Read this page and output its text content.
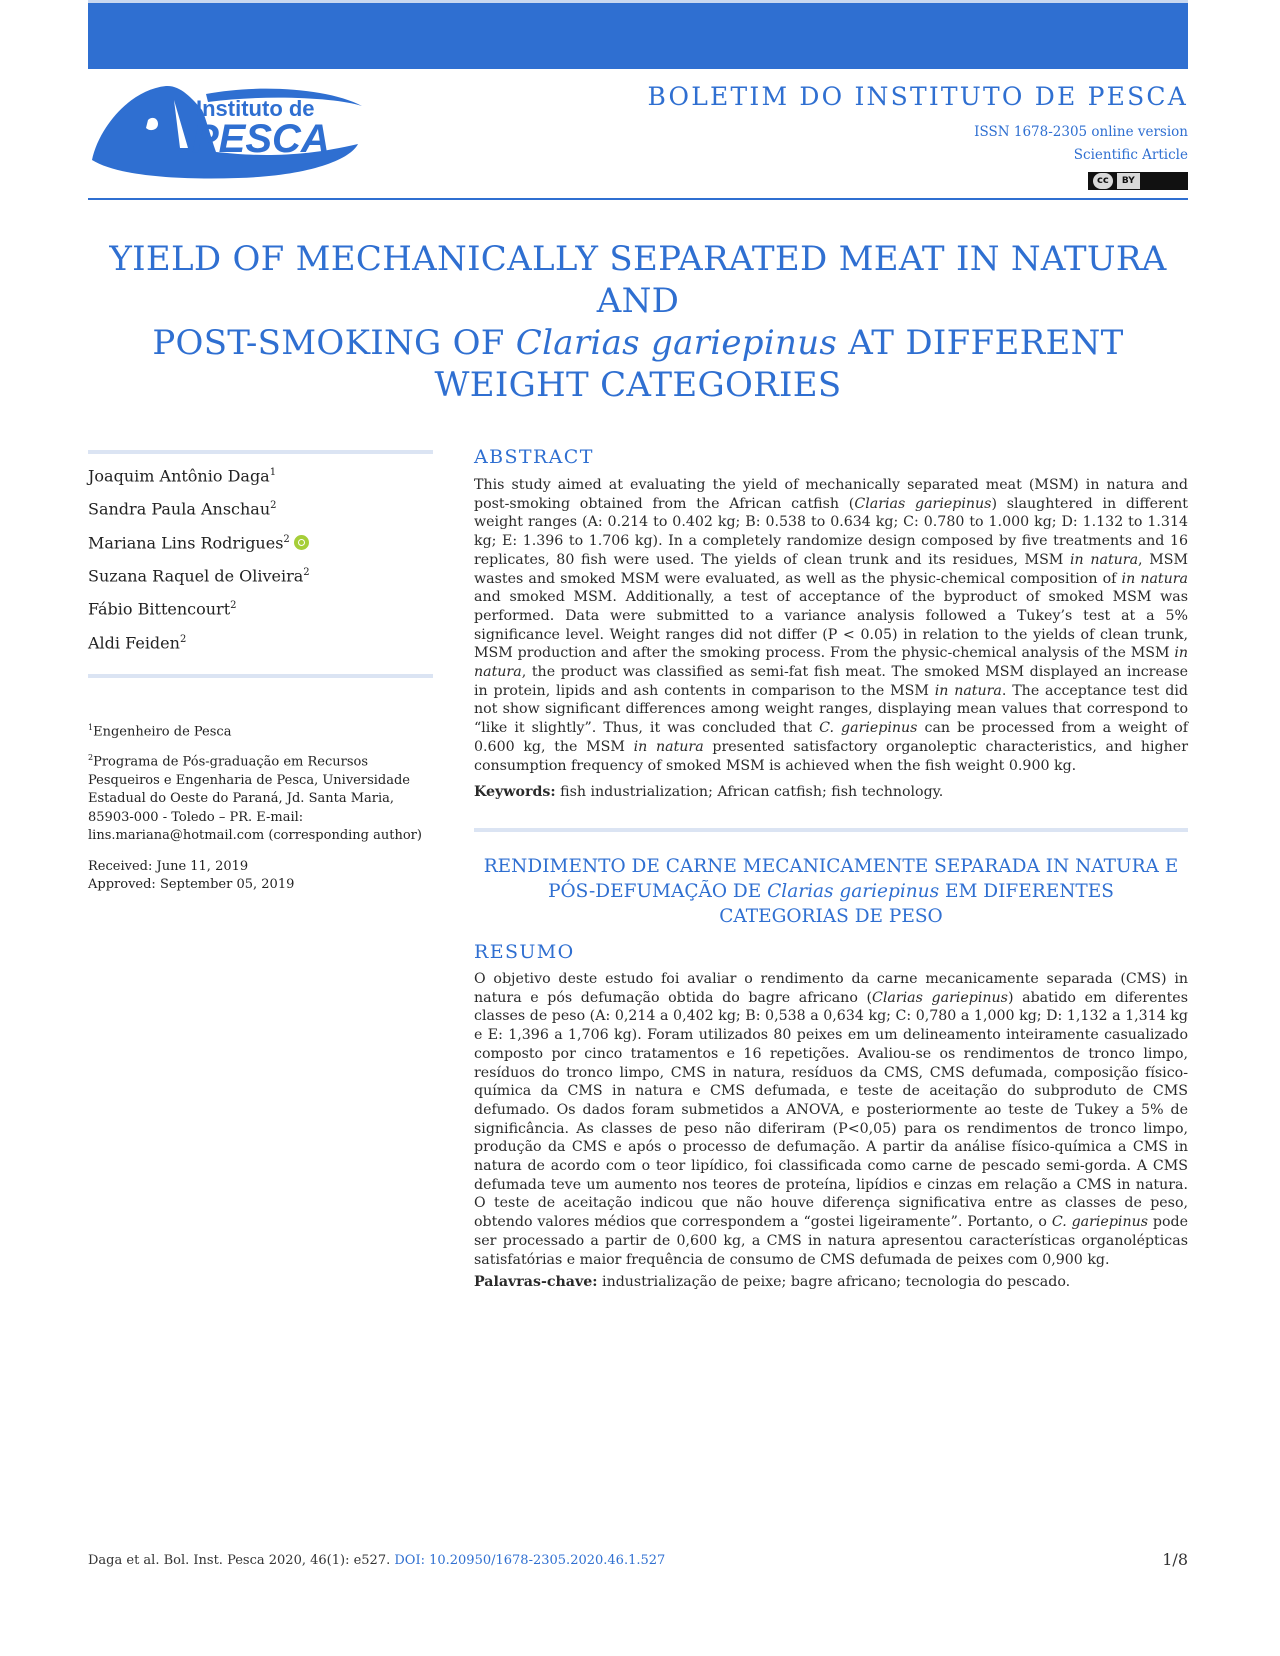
Instituto de
PESCA
BOLETIM DO INSTITUTO DE PESCA
ISSN 1678-2305 online version
Scientific Article
cc	BY
YIELD OF MECHANICALLY SEPARATED MEAT IN NATURA AND
POST-SMOKING OF Clarias gariepinus AT DIFFERENT
WEIGHT CATEGORIES
Joaquim Antônio Daga$^1$
Sandra Paula Anschau$^2$
Mariana Lins Rodrigues$^2$
Suzana Raquel de Oliveira$^2$
Fábio Bittencourt$^2$
Aldi Feiden$^2$
$^1$Engenheiro de Pesca
$^2$Programa de Pós-graduação em Recursos Pesqueiros e Engenharia de Pesca, Universidade Estadual do Oeste do Paraná, Jd. Santa Maria, 85903-000 - Toledo – PR. E-mail: lins.mariana@hotmail.com (corresponding author)
Received: June 11, 2019
Approved: September 05, 2019
ABSTRACT
This study aimed at evaluating the yield of mechanically separated meat (MSM) in natura and post-smoking obtained from the African catfish (Clarias gariepinus) slaughtered in different weight ranges (A: 0.214 to 0.402 kg; B: 0.538 to 0.634 kg; C: 0.780 to 1.000 kg; D: 1.132 to 1.314 kg; E: 1.396 to 1.706 kg). In a completely randomize design composed by five treatments and 16 replicates, 80 fish were used. The yields of clean trunk and its residues, MSM in natura, MSM wastes and smoked MSM were evaluated, as well as the physic-chemical composition of in natura and smoked MSM. Additionally, a test of acceptance of the byproduct of smoked MSM was performed. Data were submitted to a variance analysis followed a Tukey’s test at a 5% significance level. Weight ranges did not differ (P < 0.05) in relation to the yields of clean trunk, MSM production and after the smoking process. From the physic-chemical analysis of the MSM in natura, the product was classified as semi-fat fish meat. The smoked MSM displayed an increase in protein, lipids and ash contents in comparison to the MSM in natura. The acceptance test did not show significant differences among weight ranges, displaying mean values that correspond to “like it slightly”. Thus, it was concluded that C. gariepinus can be processed from a weight of 0.600 kg, the MSM in natura presented satisfactory organoleptic characteristics, and higher consumption frequency of smoked MSM is achieved when the fish weight 0.900 kg.
Keywords: fish industrialization; African catfish; fish technology.
RENDIMENTO DE CARNE MECANICAMENTE SEPARADA IN NATURA E
PÓS-DEFUMAÇÃO DE Clarias gariepinus EM DIFERENTES
CATEGORIAS DE PESO
RESUMO
O objetivo deste estudo foi avaliar o rendimento da carne mecanicamente separada (CMS) in natura e pós defumação obtida do bagre africano (Clarias gariepinus) abatido em diferentes classes de peso (A: 0,214 a 0,402 kg; B: 0,538 a 0,634 kg; C: 0,780 a 1,000 kg; D: 1,132 a 1,314 kg e E: 1,396 a 1,706 kg). Foram utilizados 80 peixes em um delineamento inteiramente casualizado composto por cinco tratamentos e 16 repetições. Avaliou-se os rendimentos de tronco limpo, resíduos do tronco limpo, CMS in natura, resíduos da CMS, CMS defumada, composição físico-química da CMS in natura e CMS defumada, e teste de aceitação do subproduto de CMS defumado. Os dados foram submetidos a ANOVA, e posteriormente ao teste de Tukey a 5% de significância. As classes de peso não diferiram (P<0,05) para os rendimentos de tronco limpo, produção da CMS e após o processo de defumação. A partir da análise físico-química a CMS in natura de acordo com o teor lipídico, foi classificada como carne de pescado semi-gorda. A CMS defumada teve um aumento nos teores de proteína, lipídios e cinzas em relação a CMS in natura. O teste de aceitação indicou que não houve diferença significativa entre as classes de peso, obtendo valores médios que correspondem a “gostei ligeiramente”. Portanto, o C. gariepinus pode ser processado a partir de 0,600 kg, a CMS in natura apresentou características organolépticas satisfatórias e maior frequência de consumo de CMS defumada de peixes com 0,900 kg.
Palavras-chave: industrialização de peixe; bagre africano; tecnologia do pescado.
Daga et al. Bol. Inst. Pesca 2020, 46(1): e527. DOI: 10.20950/1678-2305.2020.46.1.527	1/8
